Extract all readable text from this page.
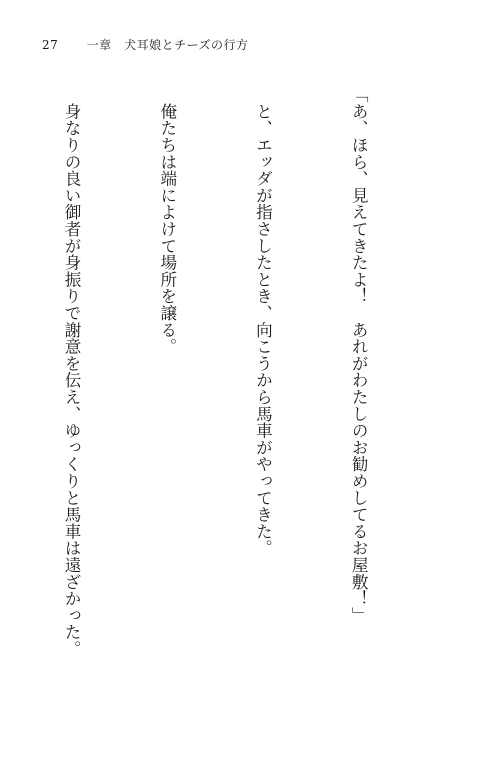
27 一章　犬耳娘とチーズの行方

「あ、ほら、見えてきたよ！　あれがわたしのお勧めしてるお屋敷！」

　と、エッダが指さしたとき、向こうから馬車がやってきた。

　俺たちは端によけて場所を譲る。

　身なりの良い御者が身振りで謝意を伝え、ゆっくりと馬車は遠ざかった。
